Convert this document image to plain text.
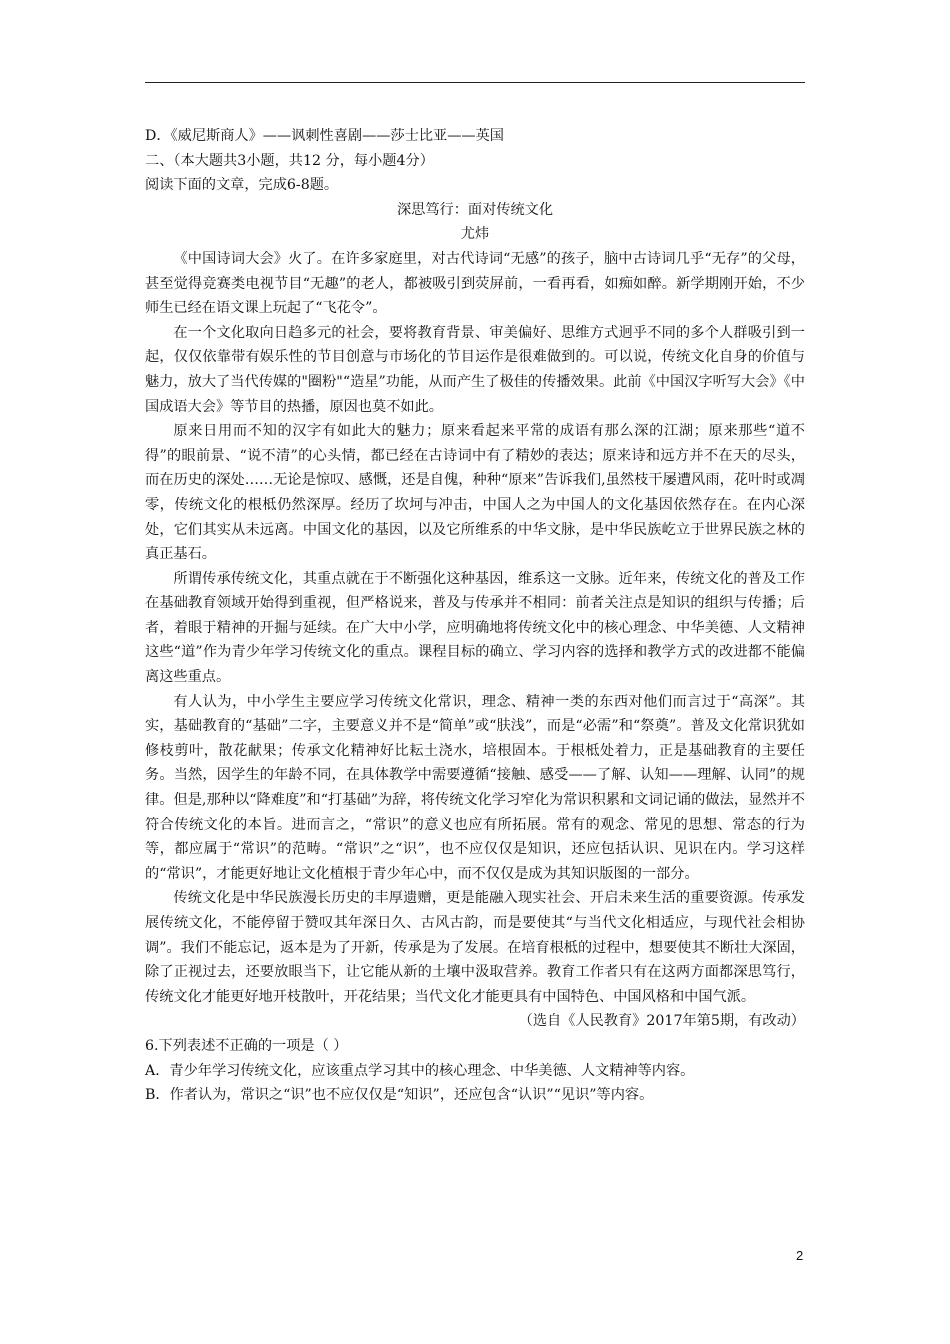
D．《威尼斯商人》——讽刺性喜剧——莎士比亚——英国

二、（本大题共3小题，共12 分，每小题4分）

阅读下面的文章，完成6-8题。

深思笃行：面对传统文化

尤炜

《中国诗词大会》火了。在许多家庭里，对古代诗词“无感”的孩子，脑中古诗词几乎“无存”的父母，甚至觉得竞赛类电视节目“无趣”的老人，都被吸引到荧屏前，一看再看，如痴如醉。新学期刚开始，不少师生已经在语文课上玩起了“飞花令”。

在一个文化取向日趋多元的社会，要将教育背景、审美偏好、思维方式迥乎不同的多个人群吸引到一起，仅仅依靠带有娱乐性的节目创意与市场化的节目运作是很难做到的。可以说，传统文化自身的价值与魅力，放大了当代传媒的"圈粉"“造星”功能，从而产生了极佳的传播效果。此前《中国汉字听写大会》《中国成语大会》等节目的热播，原因也莫不如此。

原来日用而不知的汉字有如此大的魅力；原来看起来平常的成语有那么深的江湖；原来那些“道不得”的眼前景、“说不清”的心头情，都已经在古诗词中有了精妙的表达；原来诗和远方并不在天的尽头，而在历史的深处……无论是惊叹、感慨，还是自傀，种种“原来”告诉我们,虽然枝干屡遭风雨，花叶时或凋零，传统文化的根柢仍然深厚。经历了坎坷与冲击，中国人之为中国人的文化基因依然存在。在内心深处，它们其实从未远离。中国文化的基因，以及它所维系的中华文脉，是中华民族屹立于世界民族之林的真正基石。

所谓传承传统文化，其重点就在于不断强化这种基因，维系这一文脉。近年来，传统文化的普及工作在基础教育领域开始得到重视，但严格说来，普及与传承并不相同：前者关注点是知识的组织与传播；后者，着眼于精神的开掘与延续。在广大中小学，应明确地将传统文化中的核心理念、中华美德、人文精神这些“道”作为青少年学习传统文化的重点。课程目标的确立、学习内容的选择和教学方式的改进都不能偏离这些重点。

有人认为，中小学生主要应学习传统文化常识，理念、精神一类的东西对他们而言过于“高深”。其实，基础教育的“基础”二字，主要意义并不是“简单”或“肤浅”，而是“必需”和“祭奠”。普及文化常识犹如修枝剪叶，散花献果；传承文化精神好比耘土浇水，培根固本。于根柢处着力，正是基础教育的主要任务。当然，因学生的年龄不同，在具体教学中需要遵循“接触、感受——了解、认知——理解、认同”的规律。但是,那种以“降难度”和“打基础”为辞，将传统文化学习窄化为常识积累和文词记诵的做法，显然并不符合传统文化的本旨。进而言之，“常识”的意义也应有所拓展。常有的观念、常见的思想、常态的行为等，都应属于“常识”的范畴。“常识”之“识”，也不应仅仅是知识，还应包括认识、见识在内。学习这样的“常识”，才能更好地让文化植根于青少年心中，而不仅仅是成为其知识版图的一部分。

传统文化是中华民族漫长历史的丰厚遗赠，更是能融入现实社会、开启未来生活的重要资源。传承发展传统文化，不能停留于赞叹其年深日久、古风古韵，而是要使其“与当代文化相适应，与现代社会相协调”。我们不能忘记，返本是为了开新，传承是为了发展。在培育根柢的过程中，想要使其不断壮大深固，除了正视过去，还要放眼当下，让它能从新的土壤中汲取营养。教育工作者只有在这两方面都深思笃行，传统文化才能更好地开枝散叶，开花结果；当代文化才能更具有中国特色、中国风格和中国气派。

（选自《人民教育》2017年第5期，有改动）

6.下列表述不正确的一项是（ ）

A．青少年学习传统文化，应该重点学习其中的核心理念、中华美德、人文精神等内容。

B．作者认为，常识之“识”也不应仅仅是“知识”，还应包含“认识”“见识”等内容。

2
